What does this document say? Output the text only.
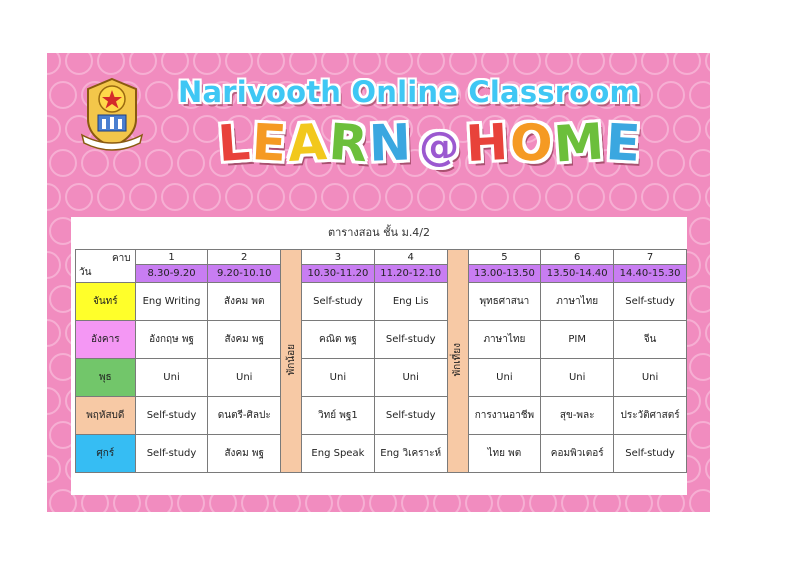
Narivooth Online Classroom
LEARN@HOME
ตารางสอน ชั้น ม.4/2
คาบ
วัน	1	2	พักน้อย	3	4	พักเที่ยง	5	6	7
	8.30-9.20	9.20-10.10		10.30-11.20	11.20-12.10		13.00-13.50	13.50-14.40	14.40-15.30
จันทร์	Eng Writing	สังคม พต		Self-study	Eng Lis		พุทธศาสนา	ภาษาไทย	Self-study
อังคาร	อังกฤษ พฐ	สังคม พฐ		คณิต พฐ	Self-study		ภาษาไทย	PIM	จีน
พุธ	Uni	Uni		Uni	Uni		Uni	Uni	Uni
พฤหัสบดี	Self-study	ดนตรี-ศิลปะ		วิทย์ พฐ1	Self-study		การงานอาชีพ	สุข-พละ	ประวัติศาสตร์
ศุกร์	Self-study	สังคม พฐ		Eng Speak	Eng วิเคราะห์		ไทย พต	คอมพิวเตอร์	Self-study
